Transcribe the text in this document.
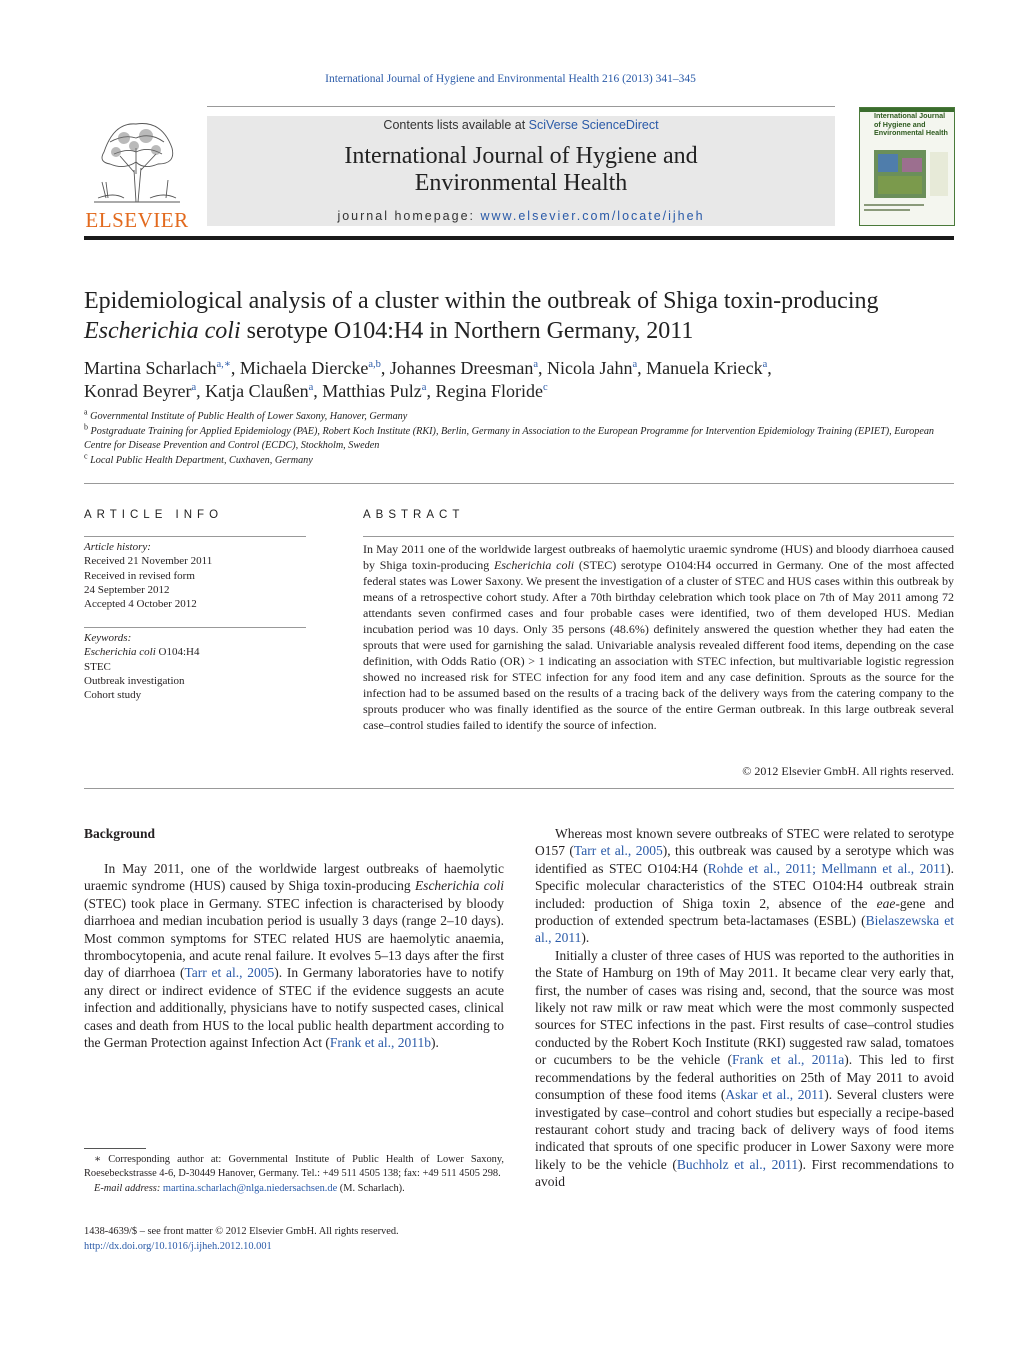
International Journal of Hygiene and Environmental Health 216 (2013) 341–345
ELSEVIER
Contents lists available at SciVerse ScienceDirect
International Journal of Hygiene and
Environmental Health
journal homepage: www.elsevier.com/locate/ijheh
International Journal of Hygiene and Environmental Health
Epidemiological analysis of a cluster within the outbreak of Shiga toxin-producing Escherichia coli serotype O104:H4 in Northern Germany, 2011
Martina Scharlach$^{a,∗}$, Michaela Diercke$^{a,b}$, Johannes Dreesman$^a$, Nicola Jahn$^a$, Manuela Krieck$^a$,
Konrad Beyrer$^a$, Katja Claußen$^a$, Matthias Pulz$^a$, Regina Floride$^c$
$^a$ Governmental Institute of Public Health of Lower Saxony, Hanover, Germany
$^b$ Postgraduate Training for Applied Epidemiology (PAE), Robert Koch Institute (RKI), Berlin, Germany in Association to the European Programme for Intervention Epidemiology Training (EPIET), European Centre for Disease Prevention and Control (ECDC), Stockholm, Sweden
$^c$ Local Public Health Department, Cuxhaven, Germany
ARTICLE INFO	ABSTRACT
Article history:
Received 21 November 2011
Received in revised form
24 September 2012
Accepted 4 October 2012
Keywords:
Escherichia coli O104:H4
STEC
Outbreak investigation
Cohort study
In May 2011 one of the worldwide largest outbreaks of haemolytic uraemic syndrome (HUS) and bloody diarrhoea caused by Shiga toxin-producing Escherichia coli (STEC) serotype O104:H4 occurred in Germany. One of the most affected federal states was Lower Saxony. We present the investigation of a cluster of STEC and HUS cases within this outbreak by means of a retrospective cohort study. After a 70th birthday celebration which took place on 7th of May 2011 among 72 attendants seven confirmed cases and four probable cases were identified, two of them developed HUS. Median incubation period was 10 days. Only 35 persons (48.6%) definitely answered the question whether they had eaten the sprouts that were used for garnishing the salad. Univariable analysis revealed different food items, depending on the case definition, with Odds Ratio (OR) > 1 indicating an association with STEC infection, but multivariable logistic regression showed no increased risk for STEC infection for any food item and any case definition. Sprouts as the source for the infection had to be assumed based on the results of a tracing back of the delivery ways from the catering company to the sprouts producer who was finally identified as the source of the entire German outbreak. In this large outbreak several case–control studies failed to identify the source of infection.
© 2012 Elsevier GmbH. All rights reserved.
Background
In May 2011, one of the worldwide largest outbreaks of haemolytic uraemic syndrome (HUS) caused by Shiga toxin-producing Escherichia coli (STEC) took place in Germany. STEC infection is characterised by bloody diarrhoea and median incubation period is usually 3 days (range 2–10 days). Most common symptoms for STEC related HUS are haemolytic anaemia, thrombocytopenia, and acute renal failure. It evolves 5–13 days after the first day of diarrhoea (Tarr et al., 2005). In Germany laboratories have to notify any direct or indirect evidence of STEC if the evidence suggests an acute infection and additionally, physicians have to notify suspected cases, clinical cases and death from HUS to the local public health department according to the German Protection against Infection Act (Frank et al., 2011b).

Whereas most known severe outbreaks of STEC were related to serotype O157 (Tarr et al., 2005), this outbreak was caused by a serotype which was identified as STEC O104:H4 (Rohde et al., 2011; Mellmann et al., 2011). Specific molecular characteristics of the STEC O104:H4 outbreak strain included: production of Shiga toxin 2, absence of the eae-gene and production of extended spectrum beta-lactamases (ESBL) (Bielaszewska et al., 2011).

Initially a cluster of three cases of HUS was reported to the authorities in the State of Hamburg on 19th of May 2011. It became clear very early that, first, the number of cases was rising and, second, that the source was most likely not raw milk or raw meat which were the most commonly suspected sources for STEC infections in the past. First results of case–control studies conducted by the Robert Koch Institute (RKI) suggested raw salad, tomatoes or cucumbers to be the vehicle (Frank et al., 2011a). This led to first recommendations by the federal authorities on 25th of May 2011 to avoid consumption of these food items (Askar et al., 2011). Several clusters were investigated by case–control and cohort studies but especially a recipe-based restaurant cohort study and tracing back of delivery ways of food items indicated that sprouts of one specific producer in Lower Saxony were more likely to be the vehicle (Buchholz et al., 2011). First recommendations to avoid

∗ Corresponding author at: Governmental Institute of Public Health of Lower Saxony, Roesebeckstrasse 4-6, D-30449 Hanover, Germany. Tel.: +49 511 4505 138; fax: +49 511 4505 298.
E-mail address: martina.scharlach@nlga.niedersachsen.de (M. Scharlach).
1438-4639/$ – see front matter © 2012 Elsevier GmbH. All rights reserved.
http://dx.doi.org/10.1016/j.ijheh.2012.10.001
